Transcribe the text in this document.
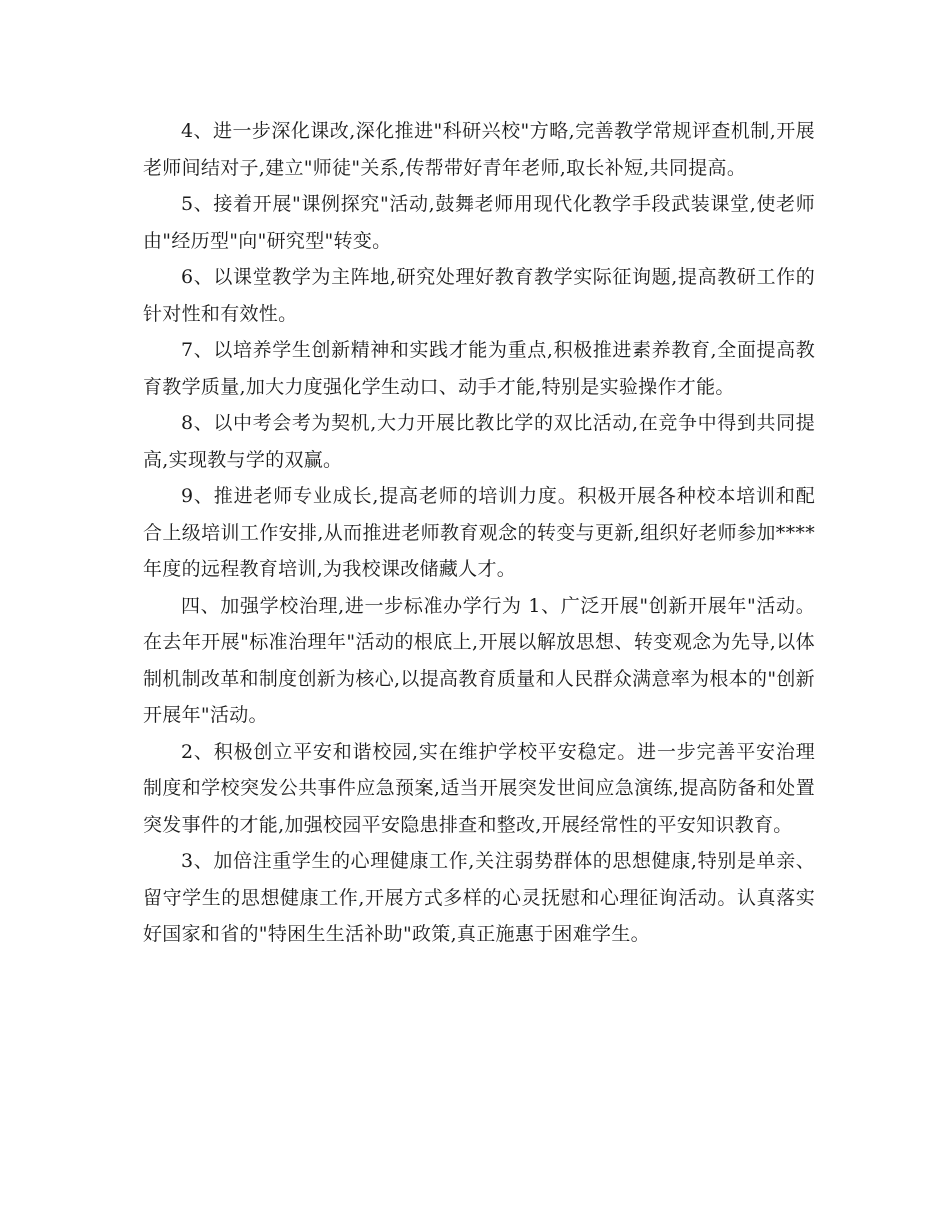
4、进一步深化课改,深化推进"科研兴校"方略,完善教学常规评查机制,开展老师间结对子,建立"师徒"关系,传帮带好青年老师,取长补短,共同提高。

5、接着开展"课例探究"活动,鼓舞老师用现代化教学手段武装课堂,使老师由"经历型"向"研究型"转变。

6、以课堂教学为主阵地,研究处理好教育教学实际征询题,提高教研工作的针对性和有效性。

7、以培养学生创新精神和实践才能为重点,积极推进素养教育,全面提高教育教学质量,加大力度强化学生动口、动手才能,特别是实验操作才能。

8、以中考会考为契机,大力开展比教比学的双比活动,在竞争中得到共同提高,实现教与学的双赢。

9、推进老师专业成长,提高老师的培训力度。积极开展各种校本培训和配合上级培训工作安排,从而推进老师教育观念的转变与更新,组织好老师参加****年度的远程教育培训,为我校课改储藏人才。

四、加强学校治理,进一步标准办学行为 1、广泛开展"创新开展年"活动。在去年开展"标准治理年"活动的根底上,开展以解放思想、转变观念为先导,以体制机制改革和制度创新为核心,以提高教育质量和人民群众满意率为根本的"创新开展年"活动。

2、积极创立平安和谐校园,实在维护学校平安稳定。进一步完善平安治理制度和学校突发公共事件应急预案,适当开展突发世间应急演练,提高防备和处置突发事件的才能,加强校园平安隐患排查和整改,开展经常性的平安知识教育。

3、加倍注重学生的心理健康工作,关注弱势群体的思想健康,特别是单亲、留守学生的思想健康工作,开展方式多样的心灵抚慰和心理征询活动。认真落实好国家和省的"特困生生活补助"政策,真正施惠于困难学生。
